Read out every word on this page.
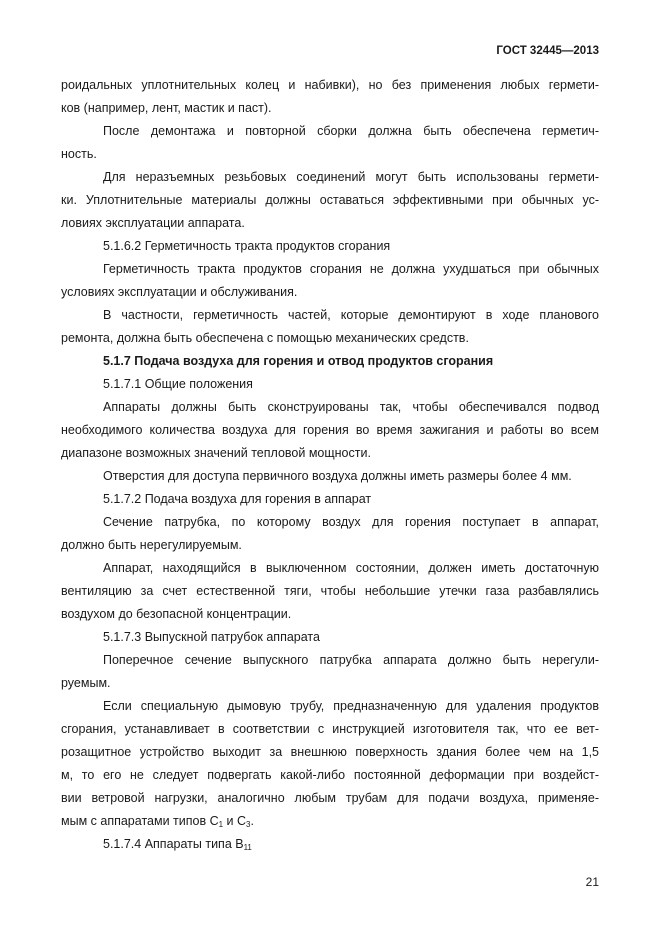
ГОСТ 32445—2013

роидальных уплотнительных колец и набивки), но без применения любых гермети-
ков (например, лент, мастик и паст).

После демонтажа и повторной сборки должна быть обеспечена герметич-
ность.

Для неразъемных резьбовых соединений могут быть использованы гермети-
ки. Уплотнительные материалы должны оставаться эффективными при обычных ус-
ловиях эксплуатации аппарата.

5.1.6.2 Герметичность тракта продуктов сгорания

Герметичность тракта продуктов сгорания не должна ухудшаться при обычных
условиях эксплуатации и обслуживания.

В частности, герметичность частей, которые демонтируют в ходе планового
ремонта, должна быть обеспечена с помощью механических средств.

5.1.7 Подача воздуха для горения и отвод продуктов сгорания

5.1.7.1 Общие положения

Аппараты должны быть сконструированы так, чтобы обеспечивался подвод
необходимого количества воздуха для горения во время зажигания и работы во всем
диапазоне возможных значений тепловой мощности.

Отверстия для доступа первичного воздуха должны иметь размеры более 4 мм.

5.1.7.2 Подача воздуха для горения в аппарат

Сечение патрубка, по которому воздух для горения поступает в аппарат,
должно быть нерегулируемым.

Аппарат, находящийся в выключенном состоянии, должен иметь достаточную
вентиляцию за счет естественной тяги, чтобы небольшие утечки газа разбавлялись
воздухом до безопасной концентрации.

5.1.7.3 Выпускной патрубок аппарата

Поперечное сечение выпускного патрубка аппарата должно быть нерегули-
руемым.

Если специальную дымовую трубу, предназначенную для удаления продуктов
сгорания, устанавливает в соответствии с инструкцией изготовителя так, что ее вет-
розащитное устройство выходит за внешнюю поверхность здания более чем на 1,5
м, то его не следует подвергать какой-либо постоянной деформации при воздейст-
вии ветровой нагрузки, аналогично любым трубам для подачи воздуха, применяе-

мым с аппаратами типов $С_1$ и $С_3$.

5.1.7.4 Аппараты типа $В_{11}$

21
